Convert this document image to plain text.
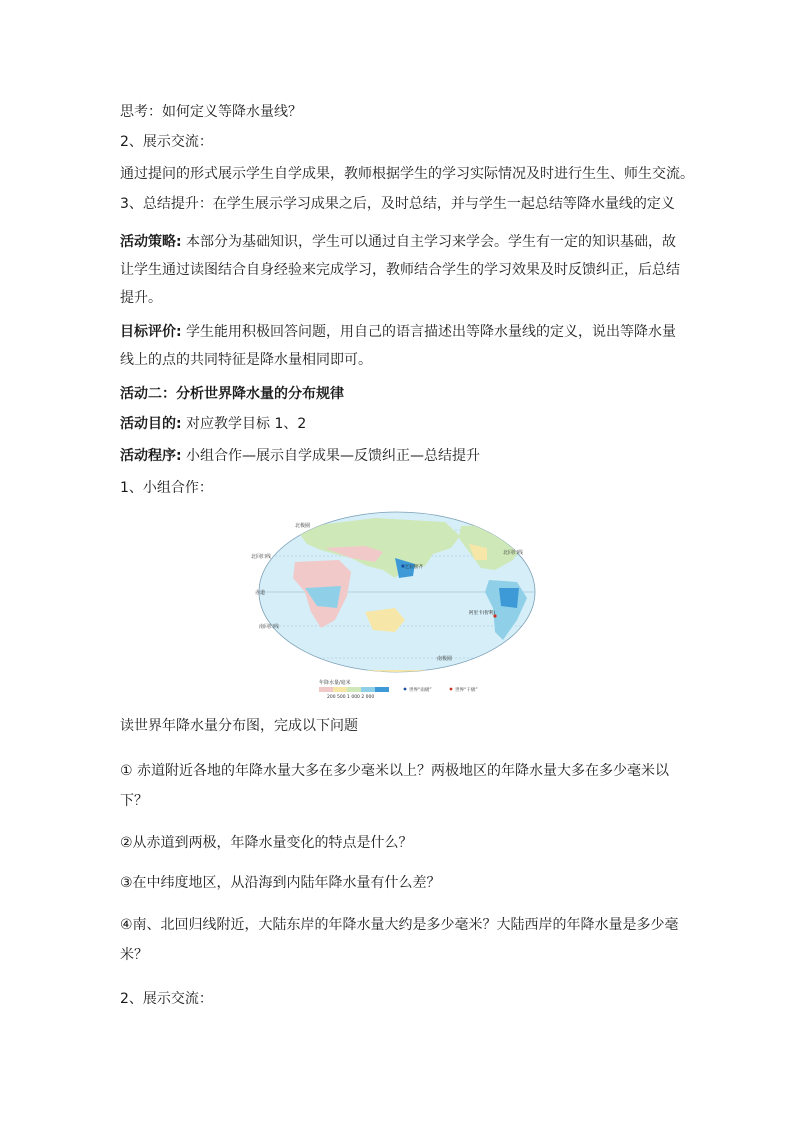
思考：如何定义等降水量线？

2、展示交流：

通过提问的形式展示学生自学成果，教师根据学生的学习实际情况及时进行生生、师生交流。

3、总结提升：在学生展示学习成果之后，及时总结，并与学生一起总结等降水量线的定义

活动策略: 本部分为基础知识，学生可以通过自主学习来学会。学生有一定的知识基础，故
让学生通过读图结合自身经验来完成学习，教师结合学生的学习效果及时反馈纠正，后总结
提升。

目标评价: 学生能用积极回答问题，用自己的语言描述出等降水量线的定义，说出等降水量
线上的点的共同特征是降水量相同即可。

活动二：分析世界降水量的分布规律

活动目的: 对应教学目标 1、2

活动程序: 小组合作—展示自学成果—反馈纠正—总结提升

1、小组合作：

北极圈
北回归线
北回归线
赤道
南回归线
南极圈
乞拉朋齐
阿里卡(智利)
年降水量/毫米
200 500 1 000 2 000
世界“雨极”	世界“干极”

读世界年降水量分布图，完成以下问题

① 赤道附近各地的年降水量大多在多少毫米以上？两极地区的年降水量大多在多少毫米以
下？
②从赤道到两极，年降水量变化的特点是什么？
③在中纬度地区，从沿海到内陆年降水量有什么差？
④南、北回归线附近，大陆东岸的年降水量大约是多少毫米？大陆西岸的年降水量是多少毫
米？
2、展示交流：
